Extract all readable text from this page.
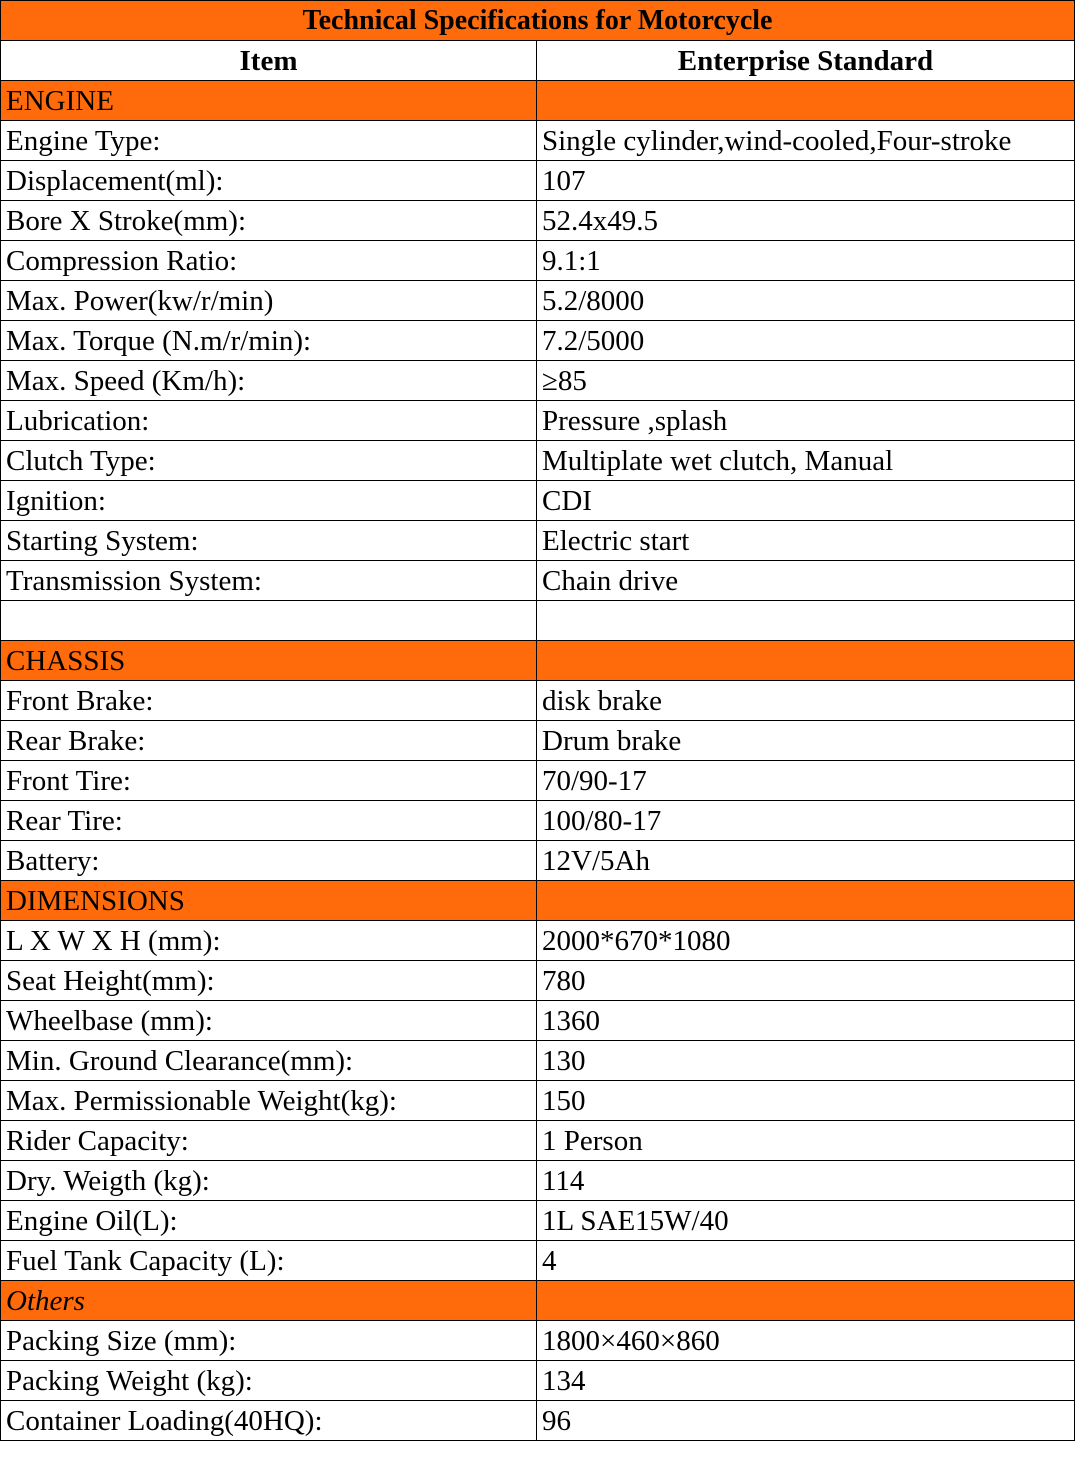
Technical Specifications for Motorcycle	
Item	Enterprise Standard
ENGINE	
Engine Type:	Single cylinder,wind-cooled,Four-stroke
Displacement(ml):	107
Bore X Stroke(mm):	52.4x49.5
Compression Ratio:	9.1:1
Max. Power(kw/r/min)	5.2/8000
Max. Torque (N.m/r/min):	7.2/5000
Max. Speed (Km/h):	≥85
Lubrication:	Pressure ,splash
Clutch Type:	Multiplate wet clutch, Manual
Ignition:	CDI
Starting System:	Electric start
Transmission System:	Chain drive

CHASSIS	
Front Brake:	disk brake
Rear Brake:	Drum brake
Front Tire:	70/90-17
Rear Tire:	100/80-17
Battery:	12V/5Ah
DIMENSIONS	
L X W X H (mm):	2000*670*1080
Seat Height(mm):	780
Wheelbase (mm):	1360
Min. Ground Clearance(mm):	130
Max. Permissionable Weight(kg):	150
Rider Capacity:	1 Person
Dry. Weigth (kg):	114
Engine Oil(L):	1L SAE15W/40
Fuel Tank Capacity (L):	4
Others	
Packing Size (mm):	1800×460×860
Packing Weight (kg):	134
Container Loading(40HQ):	96
